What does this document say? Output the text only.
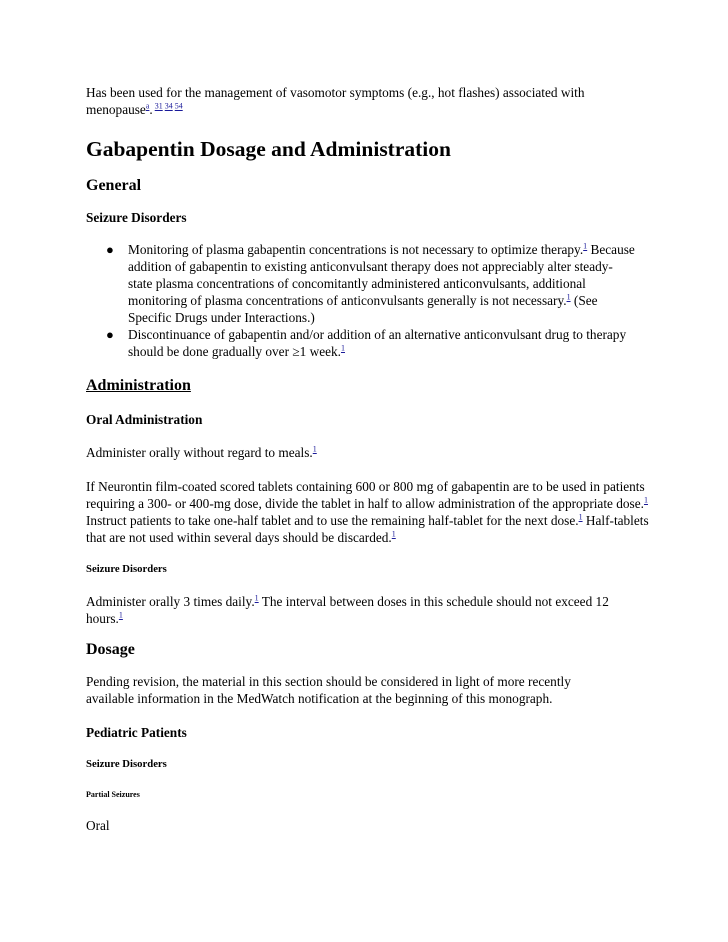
Has been used for the management of vasomotor symptoms (e.g., hot flashes) associated with

menopause$^a$. $^{31 34 54}$

Gabapentin Dosage and Administration
General
Seizure Disorders
● Monitoring of plasma gabapentin concentrations is not necessary to optimize therapy.$^1$ Because addition of gabapentin to existing anticonvulsant therapy does not appreciably alter steady-state plasma concentrations of concomitantly administered anticonvulsants, additional monitoring of plasma concentrations of anticonvulsants generally is not necessary.$^1$ (See Specific Drugs under Interactions.)
● Discontinuance of gabapentin and/or addition of an alternative anticonvulsant drug to therapy should be done gradually over ≥1 week.$^1$
Administration
Oral Administration

Administer orally without regard to meals.$^1$

If Neurontin film-coated scored tablets containing 600 or 800 mg of gabapentin are to be used in patients requiring a 300- or 400-mg dose, divide the tablet in half to allow administration of the appropriate dose.$^1$ Instruct patients to take one-half tablet and to use the remaining half-tablet for the next dose.$^1$ Half-tablets that are not used within several days should be discarded.$^1$

Seizure Disorders

Administer orally 3 times daily.$^1$ The interval between doses in this schedule should not exceed 12 hours.$^1$

Dosage

Pending revision, the material in this section should be considered in light of more recently available information in the MedWatch notification at the beginning of this monograph.

Pediatric Patients
Seizure Disorders
Partial Seizures

Oral
